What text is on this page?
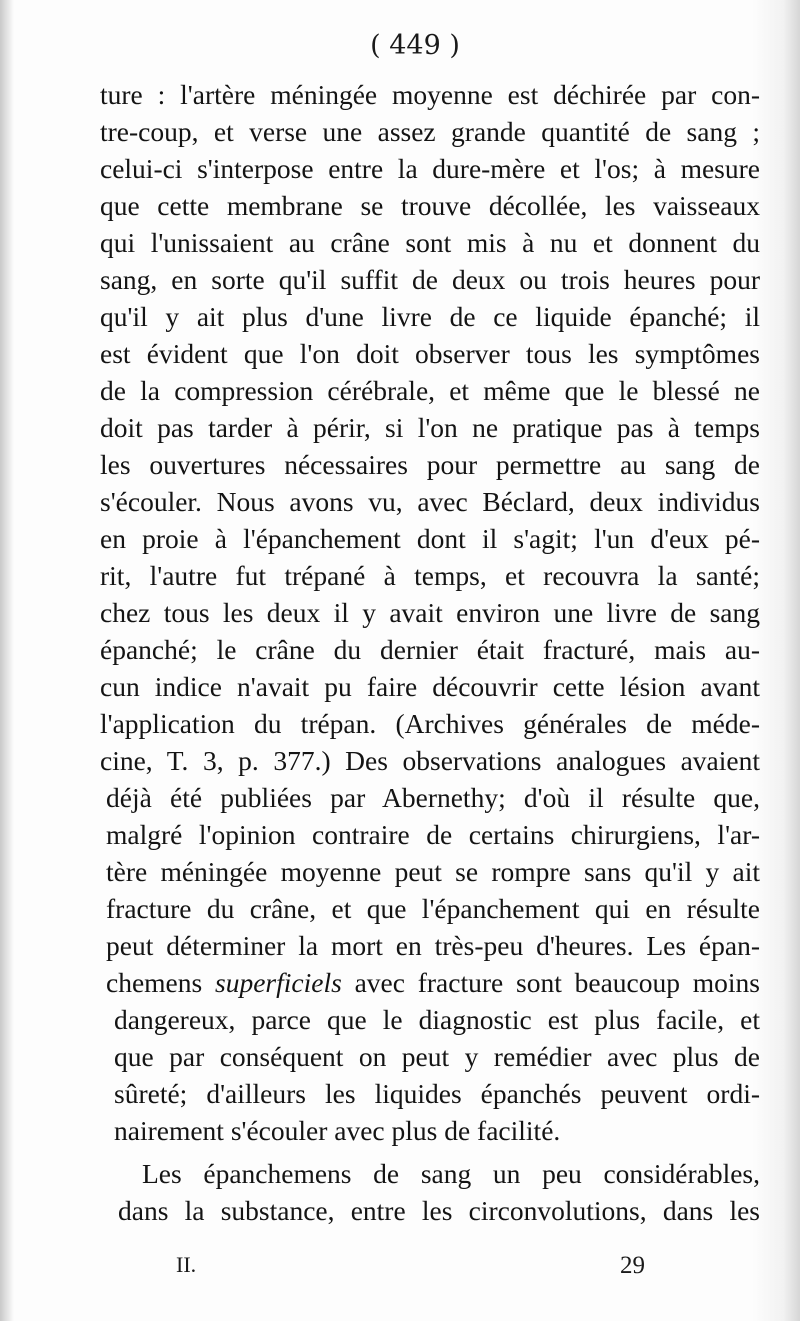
( 449 )
ture : l'artère méningée moyenne est déchirée par con-
tre-coup, et verse une assez grande quantité de sang ;
celui-ci s'interpose entre la dure-mère et l'os; à mesure
que cette membrane se trouve décollée, les vaisseaux
qui l'unissaient au crâne sont mis à nu et donnent du
sang, en sorte qu'il suffit de deux ou trois heures pour
qu'il y ait plus d'une livre de ce liquide épanché; il
est évident que l'on doit observer tous les symptômes
de la compression cérébrale, et même que le blessé ne
doit pas tarder à périr, si l'on ne pratique pas à temps
les ouvertures nécessaires pour permettre au sang de
s'écouler. Nous avons vu, avec Béclard, deux individus
en proie à l'épanchement dont il s'agit; l'un d'eux pé-
rit, l'autre fut trépané à temps, et recouvra la santé;
chez tous les deux il y avait environ une livre de sang
épanché; le crâne du dernier était fracturé, mais au-
cun indice n'avait pu faire découvrir cette lésion avant
l'application du trépan. (Archives générales de méde-
cine, T. 3, p. 377.) Des observations analogues avaient
déjà été publiées par Abernethy; d'où il résulte que,
malgré l'opinion contraire de certains chirurgiens, l'ar-
tère méningée moyenne peut se rompre sans qu'il y ait
fracture du crâne, et que l'épanchement qui en résulte
peut déterminer la mort en très-peu d'heures. Les épan-
chemens superficiels avec fracture sont beaucoup moins
dangereux, parce que le diagnostic est plus facile, et
que par conséquent on peut y remédier avec plus de
sûreté; d'ailleurs les liquides épanchés peuvent ordi-
nairement s'écouler avec plus de facilité.
Les épanchemens de sang un peu considérables,
dans la substance, entre les circonvolutions, dans les
II.	29
